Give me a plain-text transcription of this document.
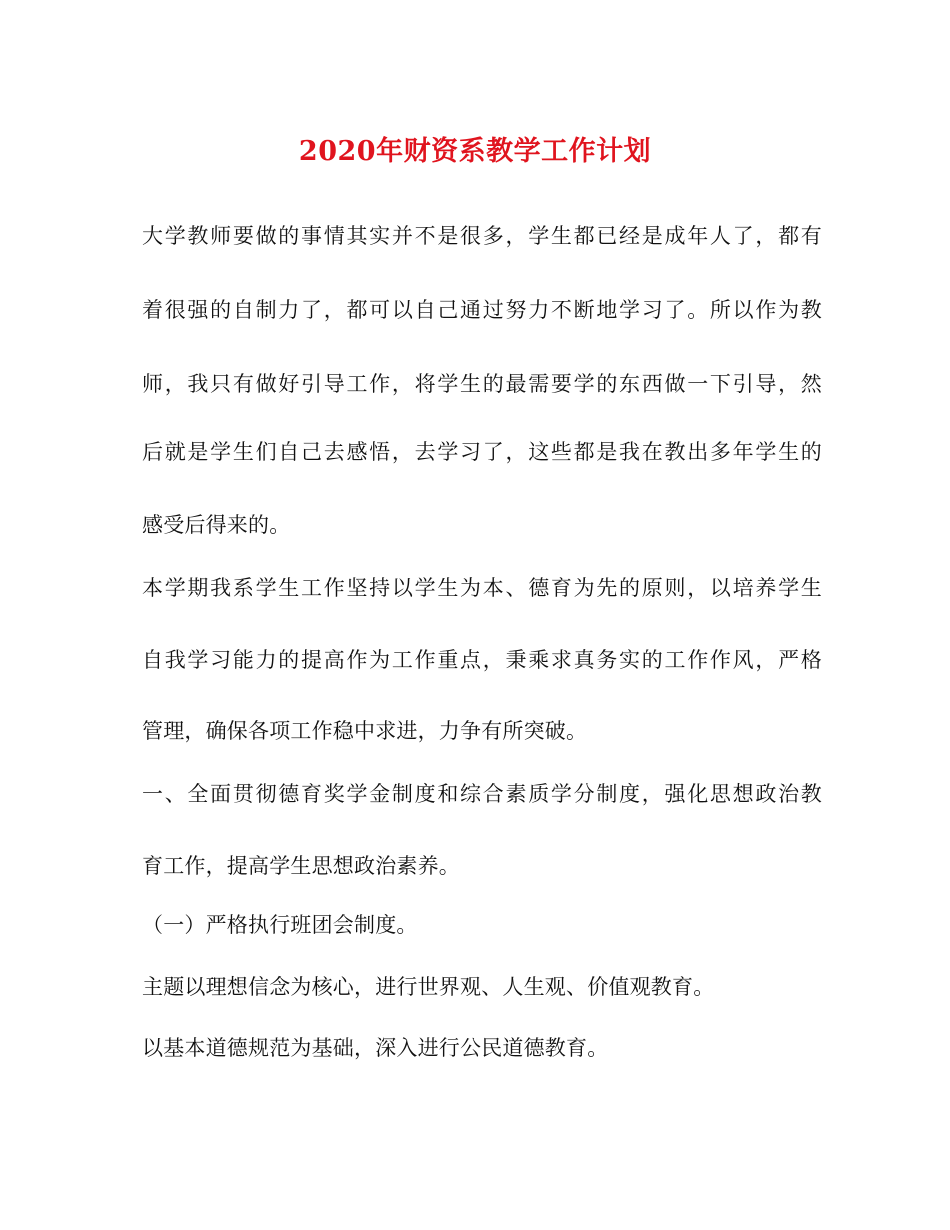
2020年财资系教学工作计划
大学教师要做的事情其实并不是很多，学生都已经是成年人了，都有
着很强的自制力了，都可以自己通过努力不断地学习了。所以作为教
师，我只有做好引导工作，将学生的最需要学的东西做一下引导，然
后就是学生们自己去感悟，去学习了，这些都是我在教出多年学生的
感受后得来的。
本学期我系学生工作坚持以学生为本、德育为先的原则，以培养学生
自我学习能力的提高作为工作重点，秉乘求真务实的工作作风，严格
管理，确保各项工作稳中求进，力争有所突破。
一、全面贯彻德育奖学金制度和综合素质学分制度，强化思想政治教
育工作，提高学生思想政治素养。
（一）严格执行班团会制度。
主题以理想信念为核心，进行世界观、人生观、价值观教育。
以基本道德规范为基础，深入进行公民道德教育。
